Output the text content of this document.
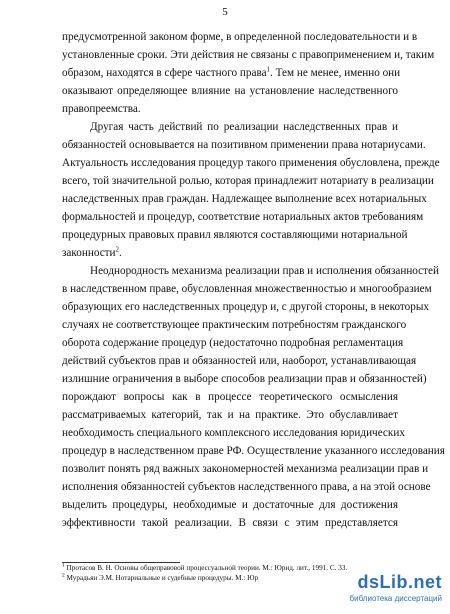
5
предусмотренной законом форме, в определенной последовательности и в
установленные сроки. Эти действия не связаны с правоприменением и, таким
образом, находятся в сфере частного права$^1$. Тем не менее, именно они
оказывают определяющее влияние на установление наследственного
правопреемства.
Другая часть действий по реализации наследственных прав и
обязанностей основывается на позитивном применении права нотариусами.
Актуальность исследования процедур такого применения обусловлена, прежде
всего, той значительной ролью, которая принадлежит нотариату в реализации
наследственных прав граждан. Надлежащее выполнение всех нотариальных
формальностей и процедур, соответствие нотариальных актов требованиям
процедурных правовых правил являются составляющими нотариальной
законности$^2$.
Неоднородность механизма реализации прав и исполнения обязанностей
в наследственном праве, обусловленная множественностью и многообразием
образующих его наследственных процедур и, с другой стороны, в некоторых
случаях не соответствующее практическим потребностям гражданского
оборота содержание процедур (недостаточно подробная регламентация
действий субъектов прав и обязанностей или, наоборот, устанавливающая
излишние ограничения в выборе способов реализации прав и обязанностей)
порождают вопросы как в процессе теоретического осмысления
рассматриваемых категорий, так и на практике. Это обуславливает
необходимость специального комплексного исследования юридических
процедур в наследственном праве РФ. Осуществление указанного исследования
позволит понять ряд важных закономерностей механизма реализации прав и
исполнения обязанностей субъектов наследственного права, а на этой основе
выделить процедуры, необходимые и достаточные для достижения
эффективности такой реализации. В связи с этим представляется
$^1$ Протасов В. Н. Основы общеправовой процессуальной теории. М.: Юрид. лит., 1991. С. 33.
$^2$ Мурадьян Э.М. Нотариальные и судебные процедуры. М.: Юр	dsLib.net
библиотека диссертаций
